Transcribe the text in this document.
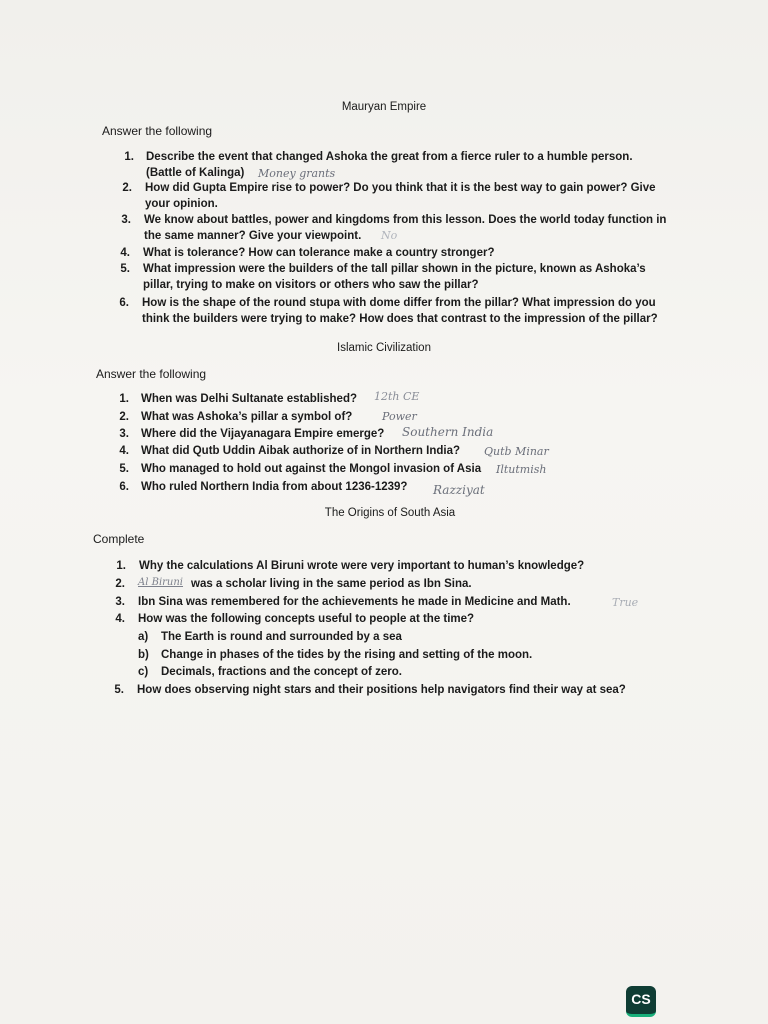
Mauryan Empire
Answer the following
1. Describe the event that changed Ashoka the great from a fierce ruler to a humble person.
(Battle of Kalinga) Money grants
2. How did Gupta Empire rise to power? Do you think that it is the best way to gain power? Give
your opinion.
3. We know about battles, power and kingdoms from this lesson. Does the world today function in
the same manner? Give your viewpoint. No
4. What is tolerance? How can tolerance make a country stronger?
5. What impression were the builders of the tall pillar shown in the picture, known as Ashoka’s
pillar, trying to make on visitors or others who saw the pillar?
6. How is the shape of the round stupa with dome differ from the pillar? What impression do you
think the builders were trying to make? How does that contrast to the impression of the pillar?
Islamic Civilization
Answer the following
1. When was Delhi Sultanate established? 12th CE
2. What was Ashoka’s pillar a symbol of?	Power
3. Where did the Vijayanagara Empire emerge? Southern India
4. What did Qutb Uddin Aibak authorize of in Northern India? Qutb Minar
5. Who managed to hold out against the Mongol invasion of Asia Iltutmish
6. Who ruled Northern India from about 1236-1239? Razziyat
The Origins of South Asia
Complete
1. Why the calculations Al Biruni wrote were very important to human’s knowledge?
2. Al Biruni was a scholar living in the same period as Ibn Sina.
3. Ibn Sina was remembered for the achievements he made in Medicine and Math.	True
4. How was the following concepts useful to people at the time?
a) The Earth is round and surrounded by a sea
b) Change in phases of the tides by the rising and setting of the moon.
c) Decimals, fractions and the concept of zero.
5. How does observing night stars and their positions help navigators find their way at sea?
CS
